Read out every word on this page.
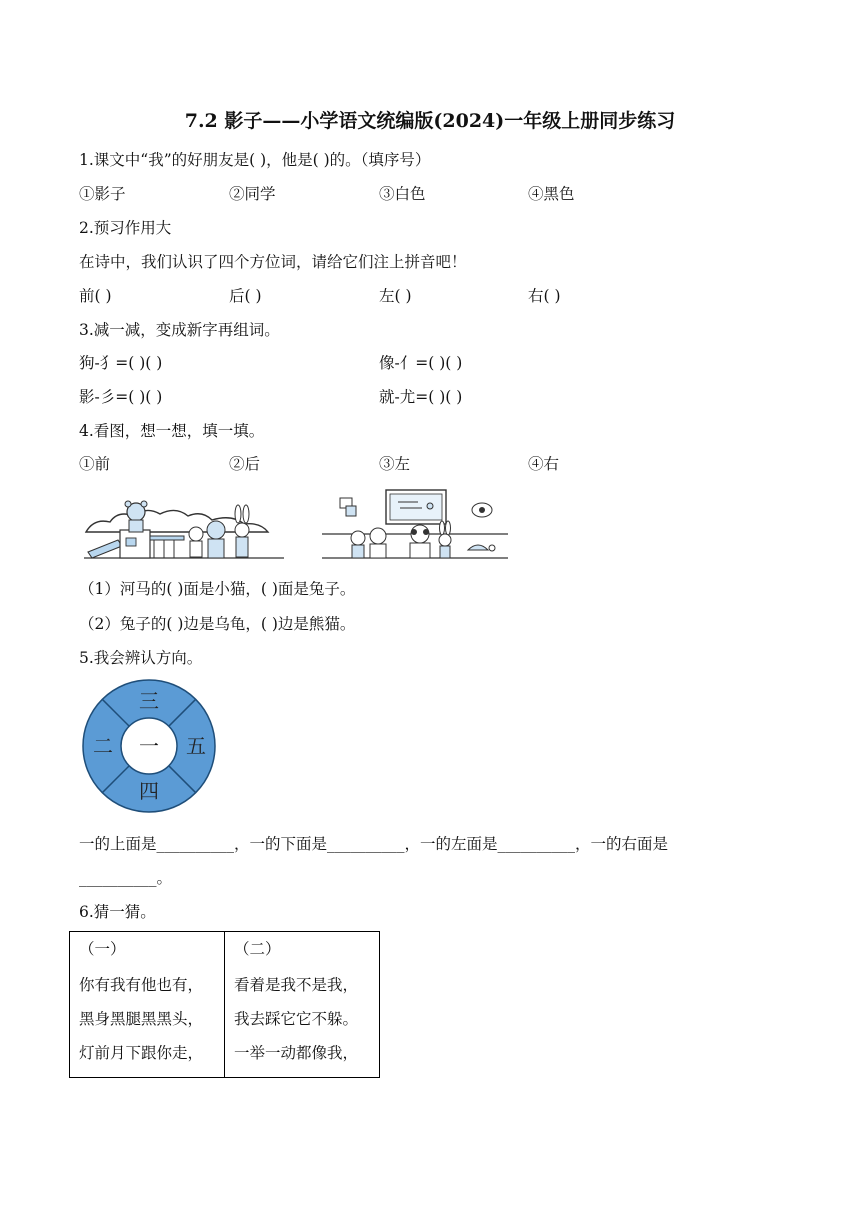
7.2 影子——小学语文统编版(2024)一年级上册同步练习
1.课文中“我”的好朋友是( )，他是( )的。（填序号）
①影子	②同学	③白色	④黑色
2.预习作用大
在诗中，我们认识了四个方位词，请给它们注上拼音吧！
前( )	后( )	左( )	右( )
3.减一减，变成新字再组词。
狗-犭=( )( )	像-亻=( )( )
影-彡=( )( )	就-尤=( )( )
4.看图，想一想，填一填。
①前	②后	③左	④右
（1）河马的( )面是小猫，( )面是兔子。
（2）兔子的( )边是乌龟，( )边是熊猫。
5.我会辨认方向。
一
三
二	五
四
一的上面是__________，一的下面是__________，一的左面是__________，一的右面是
__________。
6.猜一猜。
（一）
你有我有他也有，
黑身黑腿黑黑头，
灯前月下跟你走，

（二）
看着是我不是我，
我去踩它它不躲。
一举一动都像我，
